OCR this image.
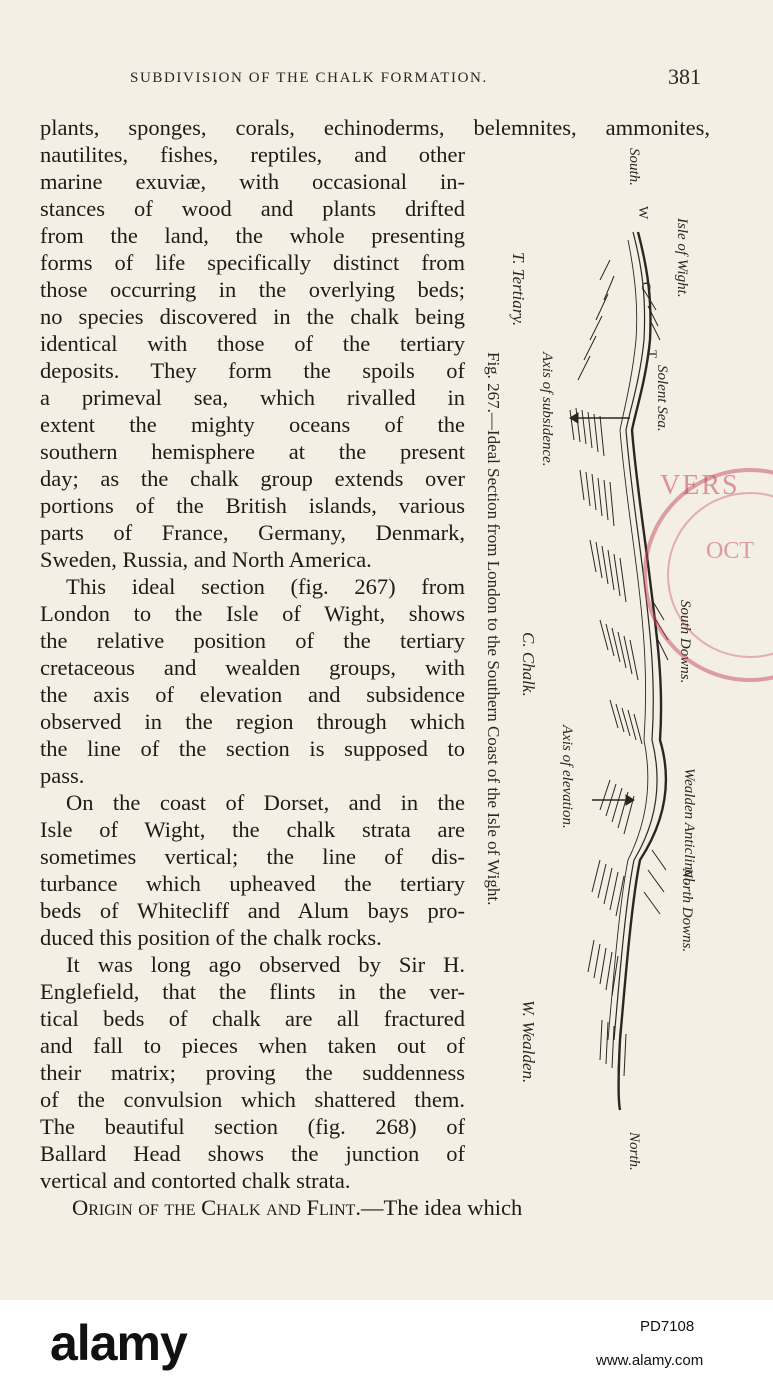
SUBDIVISION OF THE CHALK FORMATION.	381
plants, sponges, corals, echinoderms, belemnites, ammonites,
nautilites, fishes, reptiles, and other
marine exuviæ, with occasional in-
stances of wood and plants drifted
from the land, the whole presenting
forms of life specifically distinct from
those occurring in the overlying beds;
no species discovered in the chalk being
identical with those of the tertiary
deposits. They form the spoils of
a primeval sea, which rivalled in
extent the mighty oceans of the
southern hemisphere at the present
day; as the chalk group extends over
portions of the British islands, various
parts of France, Germany, Denmark,
Sweden, Russia, and North America.
This ideal section (fig. 267) from
London to the Isle of Wight, shows
the relative position of the tertiary
cretaceous and wealden groups, with
the axis of elevation and subsidence
observed in the region through which
the line of the section is supposed to
pass.
On the coast of Dorset, and in the
Isle of Wight, the chalk strata are
sometimes vertical; the line of dis-
turbance which upheaved the tertiary
beds of Whitecliff and Alum bays pro-
duced this position of the chalk rocks.
It was long ago observed by Sir H.
Englefield, that the flints in the ver-
tical beds of chalk are all fractured
and fall to pieces when taken out of
their matrix; proving the suddenness
of the convulsion which shattered them.
The beautiful section (fig. 268) of
Ballard Head shows the junction of
vertical and contorted chalk strata.
Origin of the Chalk and Flint.—The idea which
Fig. 267.—Ideal Section from London to the Southern Coast of the Isle of Wight.
T. Tertiary.
C. Chalk.
W. Wealden.
South.
Isle of Wight.
Axis of subsidence.	Solent Sea.
South Downs.
Axis of elevation.	Wealden Anticlinal.
North Downs.
North.
W
T
C
VERS
OCT
alamy	PD7108
www.alamy.com
